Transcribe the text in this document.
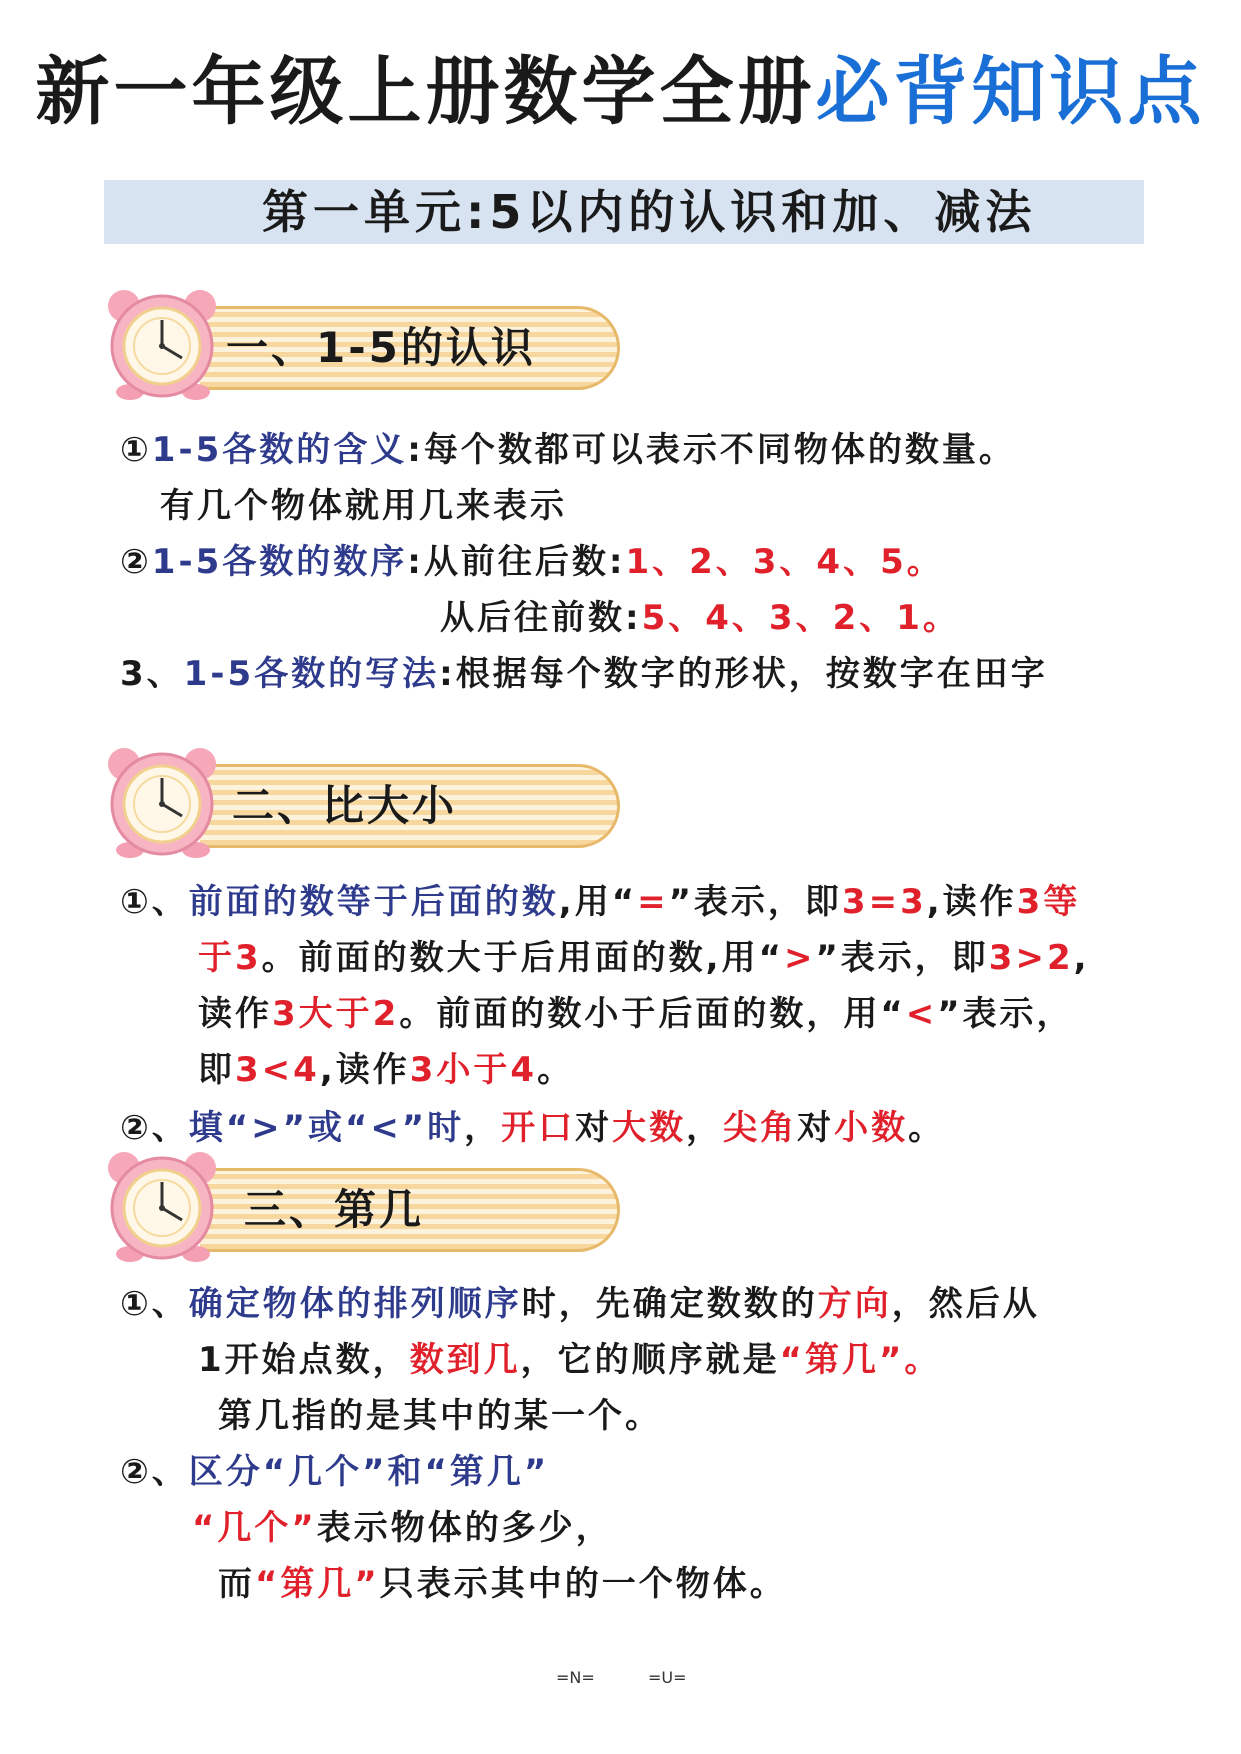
新一年级上册数学全册必背知识点
第一单元:5以内的认识和加、减法
一、1-5的认识
①1-5各数的含义:每个数都可以表示不同物体的数量。
有几个物体就用几来表示
②1-5各数的数序:从前往后数:1、2、3、4、5。
从后往前数:5、4、3、2、1。
3、1-5各数的写法:根据每个数字的形状，按数字在田字
二、比大小
①、前面的数等于后面的数,用“=”表示，即3=3,读作3等
于3。前面的数大于后用面的数,用“>”表示，即3>2,
读作3大于2。前面的数小于后面的数，用“<”表示，
即3<4,读作3小于4。
②、填“>”或“<”时，开口对大数，尖角对小数。
三、第几
①、确定物体的排列顺序时，先确定数数的方向，然后从
1开始点数，数到几，它的顺序就是“第几”。
第几指的是其中的某一个。
②、区分“几个”和“第几”
“几个”表示物体的多少，
而“第几”只表示其中的一个物体。
=N=	=U=
